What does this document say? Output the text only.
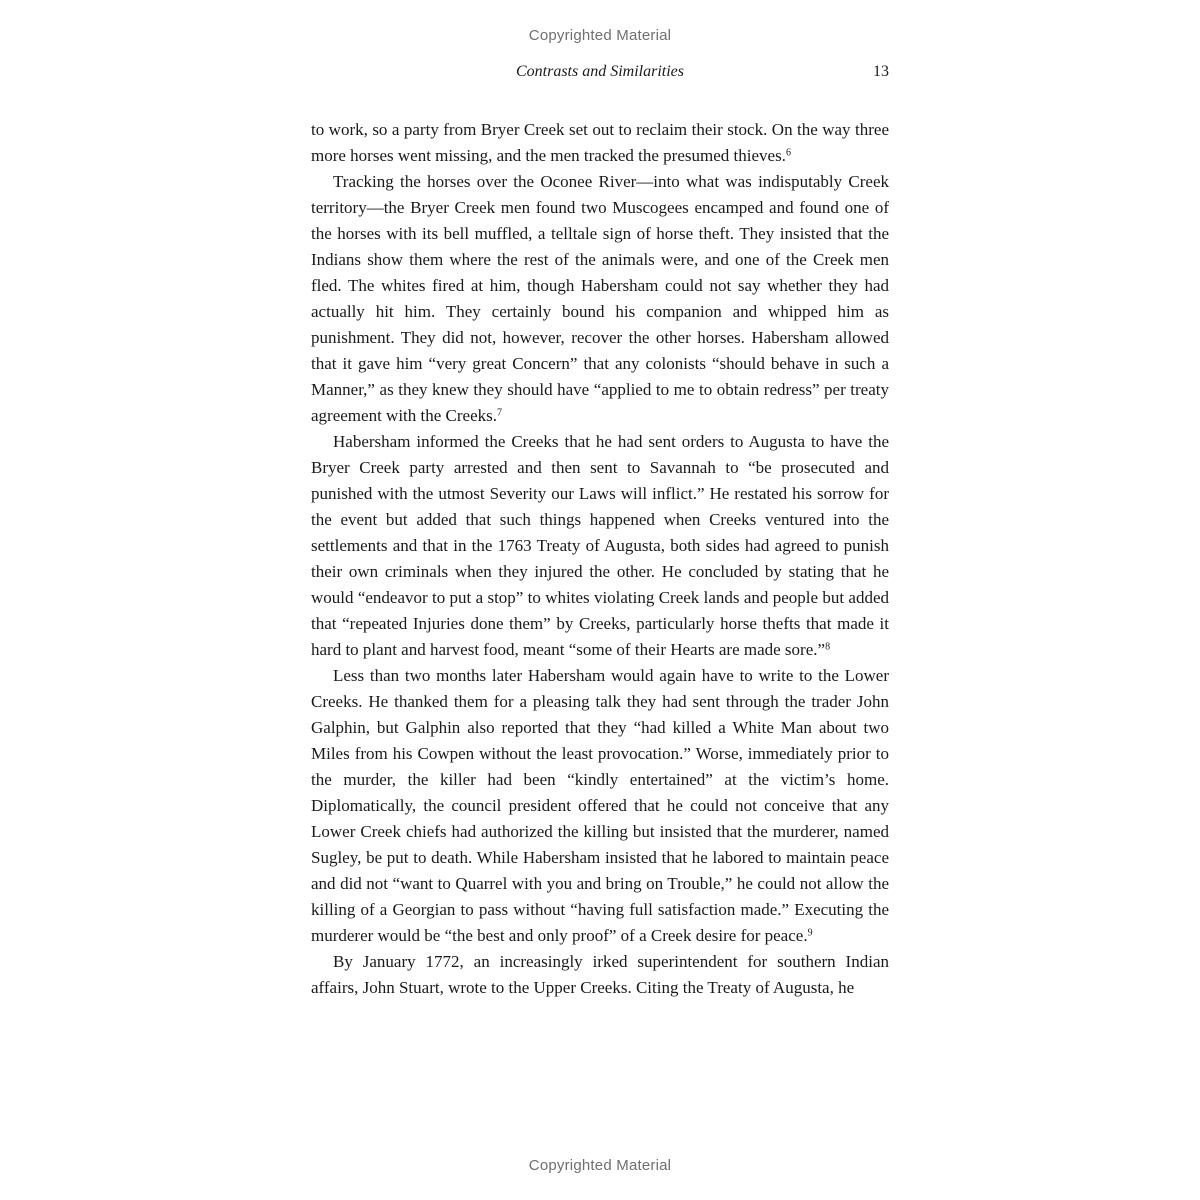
Copyrighted Material
Contrasts and Similarities	13

to work, so a party from Bryer Creek set out to reclaim their stock. On the way three more horses went missing, and the men tracked the presumed thieves.$^6$

Tracking the horses over the Oconee River—into what was indisputably Creek territory—the Bryer Creek men found two Muscogees encamped and found one of the horses with its bell muffled, a telltale sign of horse theft. They insisted that the Indians show them where the rest of the animals were, and one of the Creek men fled. The whites fired at him, though Habersham could not say whether they had actually hit him. They certainly bound his companion and whipped him as punishment. They did not, however, recover the other horses. Habersham allowed that it gave him “very great Concern” that any colonists “should behave in such a Manner,” as they knew they should have “applied to me to obtain redress” per treaty agreement with the Creeks.$^7$

Habersham informed the Creeks that he had sent orders to Augusta to have the Bryer Creek party arrested and then sent to Savannah to “be prosecuted and punished with the utmost Severity our Laws will inflict.” He restated his sorrow for the event but added that such things happened when Creeks ventured into the settlements and that in the 1763 Treaty of Augusta, both sides had agreed to punish their own criminals when they injured the other. He concluded by stating that he would “endeavor to put a stop” to whites violating Creek lands and people but added that “repeated Injuries done them” by Creeks, particularly horse thefts that made it hard to plant and harvest food, meant “some of their Hearts are made sore.”$^8$

Less than two months later Habersham would again have to write to the Lower Creeks. He thanked them for a pleasing talk they had sent through the trader John Galphin, but Galphin also reported that they “had killed a White Man about two Miles from his Cowpen without the least provocation.” Worse, immediately prior to the murder, the killer had been “kindly entertained” at the victim’s home. Diplomatically, the council president offered that he could not conceive that any Lower Creek chiefs had authorized the killing but insisted that the murderer, named Sugley, be put to death. While Habersham insisted that he labored to maintain peace and did not “want to Quarrel with you and bring on Trouble,” he could not allow the killing of a Georgian to pass without “having full satisfaction made.” Executing the murderer would be “the best and only proof” of a Creek desire for peace.$^9$

By January 1772, an increasingly irked superintendent for southern Indian affairs, John Stuart, wrote to the Upper Creeks. Citing the Treaty of Augusta, he

Copyrighted Material
